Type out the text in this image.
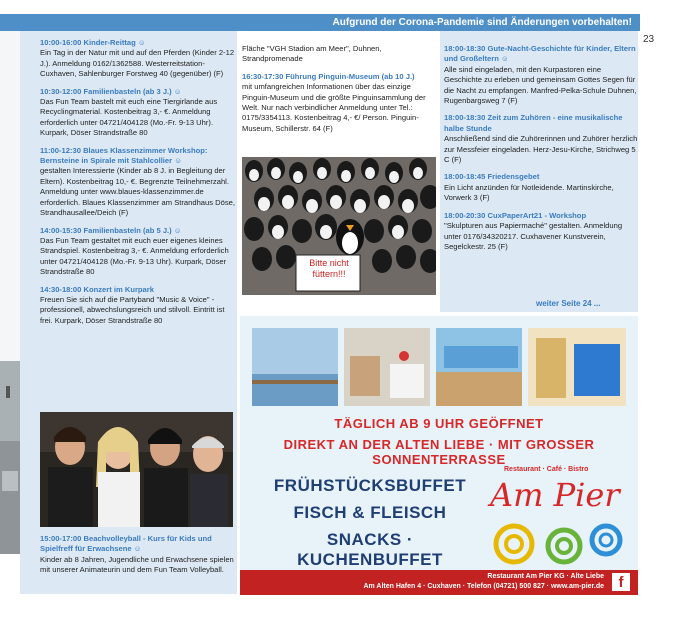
Aufgrund der Corona-Pandemie sind Änderungen vorbehalten!
23
10:00-16:00 Kinder-Reittag ☺

Ein Tag in der Natur mit und auf den Pferden (Kinder 2-12 J.). Anmeldung 0162/1362588. Westerreitstation-Cuxhaven, Sahlenburger Forstweg 40 (gegenüber) (F)

10:30-12:00 Familienbasteln (ab 3 J.) ☺

Das Fun Team bastelt mit euch eine Tiergirlande aus Recyclingmaterial. Kostenbeitrag 3,- €. Anmeldung erforderlich unter 04721/404128 (Mo.-Fr. 9-13 Uhr). Kurpark, Döser Strandstraße 80

11:00-12:30 Blaues Klassenzimmer Workshop: Bernsteine in Spirale mit Stahlcollier ☺

gestalten Interessierte (Kinder ab 8 J. in Begleitung der Eltern). Kostenbeitrag 10,- €. Begrenzte Teilnehmerzahl. Anmeldung unter www.blaues-klassenzimmer.de erforderlich. Blaues Klassenzimmer am Strandhaus Döse, Strandhausallee/Deich (F)

14:00-15:30 Familienbasteln (ab 5 J.) ☺

Das Fun Team gestaltet mit euch euer eigenes kleines Strandspiel. Kostenbeitrag 3,- €. Anmeldung erforderlich unter 04721/404128 (Mo.-Fr. 9-13 Uhr). Kurpark, Döser Strandstraße 80

14:30-18:00 Konzert im Kurpark

Freuen Sie sich auf die Partyband "Music & Voice" - professionell, abwechslungsreich und stilvoll. Eintritt ist frei. Kurpark, Döser Strandstraße 80

15:00-17:00 Beachvolleyball - Kurs für Kids und Spielfreff für Erwachsene ☺

Kinder ab 8 Jahren, Jugendliche und Erwachsene spielen mit unserer Animateurin und dem Fun Team Volleyball.

Fläche "VGH Stadion am Meer", Duhnen, Strandpromenade

16:30-17:30 Führung Pinguin-Museum (ab 10 J.)

mit umfangreichen Informationen über das einzige Pinguin-Museum und die größte Pinguinsammlung der Welt. Nur nach verbindlicher Anmeldung unter Tel.: 0175/3354113. Kostenbeitrag 4,- €/ Person. Pinguin-Museum, Schillerstr. 64 (F)

Bitte nicht füttern!!!
18:00-18:30 Gute-Nacht-Geschichte für Kinder, Eltern und Großeltern ☺

Alle sind eingeladen, mit den Kurpastoren eine Geschichte zu erleben und gemeinsam Gottes Segen für die Nacht zu empfangen. Manfred-Pelka-Schule Duhnen, Rugenbargsweg 7 (F)

18:00-18:30 Zeit zum Zuhören - eine musikalische halbe Stunde

Anschließend sind die Zuhörerinnen und Zuhörer herzlich zur Messfeier eingeladen. Herz-Jesu-Kirche, Strichweg 5 C (F)

18:00-18:45 Friedensgebet

Ein Licht anzünden für Notleidende. Martinskirche, Vorwerk 3 (F)

18:00-20:30 CuxPaperArt21 - Workshop

"Skulpturen aus Papiermaché" gestalten. Anmeldung unter 0176/34320217. Cuxhavener Kunstverein, Segelckestr. 25 (F)

weiter Seite 24 ...
TÄGLICH AB 9 UHR GEÖFFNET
DIREKT AN DER ALTEN LIEBE · MIT GROSSER SONNENTERRASSE
FRÜHSTÜCKSBUFFET
FISCH & FLEISCH
SNACKS · KUCHENBUFFET
Restaurant · Café · Bistro
Am Pier
Restaurant Am Pier KG · Alte Liebe
Am Alten Hafen 4 · Cuxhaven · Telefon (04721) 500 827 · www.am-pier.de f
